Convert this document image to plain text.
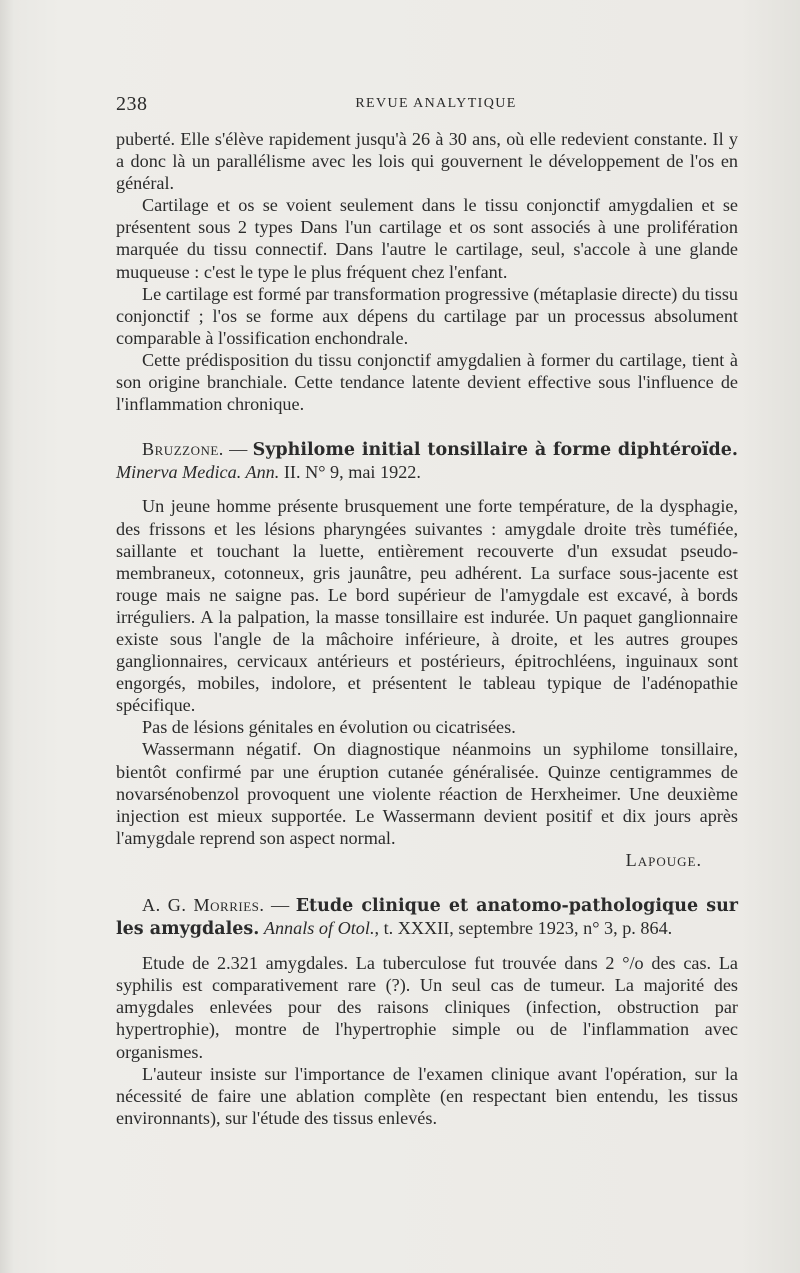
238	REVUE ANALYTIQUE

puberté. Elle s'élève rapidement jusqu'à 26 à 30 ans, où elle redevient constante. Il y a donc là un parallélisme avec les lois qui gouvernent le développement de l'os en général.

Cartilage et os se voient seulement dans le tissu conjonctif amygdalien et se présentent sous 2 types Dans l'un cartilage et os sont associés à une prolifération marquée du tissu connectif. Dans l'autre le cartilage, seul, s'accole à une glande muqueuse : c'est le type le plus fréquent chez l'enfant.

Le cartilage est formé par transformation progressive (métaplasie directe) du tissu conjonctif ; l'os se forme aux dépens du cartilage par un processus absolument comparable à l'ossification enchondrale.

Cette prédisposition du tissu conjonctif amygdalien à former du cartilage, tient à son origine branchiale. Cette tendance latente devient effective sous l'influence de l'inflammation chronique.

Bruzzone. — Syphilome initial tonsillaire à forme diphtéroïde. Minerva Medica. Ann. II. N° 9, mai 1922.

Un jeune homme présente brusquement une forte température, de la dysphagie, des frissons et les lésions pharyngées suivantes : amygdale droite très tuméfiée, saillante et touchant la luette, entièrement recouverte d'un exsudat pseudo-membraneux, cotonneux, gris jaunâtre, peu adhérent. La surface sous-jacente est rouge mais ne saigne pas. Le bord supérieur de l'amygdale est excavé, à bords irréguliers. A la palpation, la masse tonsillaire est indurée. Un paquet ganglionnaire existe sous l'angle de la mâchoire inférieure, à droite, et les autres groupes ganglionnaires, cervicaux antérieurs et postérieurs, épitrochléens, inguinaux sont engorgés, mobiles, indolore, et présentent le tableau typique de l'adénopathie spécifique.

Pas de lésions génitales en évolution ou cicatrisées.

Wassermann négatif. On diagnostique néanmoins un syphilome tonsillaire, bientôt confirmé par une éruption cutanée généralisée. Quinze centigrammes de novarsénobenzol provoquent une violente réaction de Herxheimer. Une deuxième injection est mieux supportée. Le Wassermann devient positif et dix jours après l'amygdale reprend son aspect normal.

Lapouge.

A. G. Morries. — Etude clinique et anatomo-pathologique sur les amygdales. Annals of Otol., t. XXXII, septembre 1923, n° 3, p. 864.

Etude de 2.321 amygdales. La tuberculose fut trouvée dans 2 °/o des cas. La syphilis est comparativement rare (?). Un seul cas de tumeur. La majorité des amygdales enlevées pour des raisons cliniques (infection, obstruction par hypertrophie), montre de l'hypertrophie simple ou de l'inflammation avec organismes.

L'auteur insiste sur l'importance de l'examen clinique avant l'opération, sur la nécessité de faire une ablation complète (en respectant bien entendu, les tissus environnants), sur l'étude des tissus enlevés.
